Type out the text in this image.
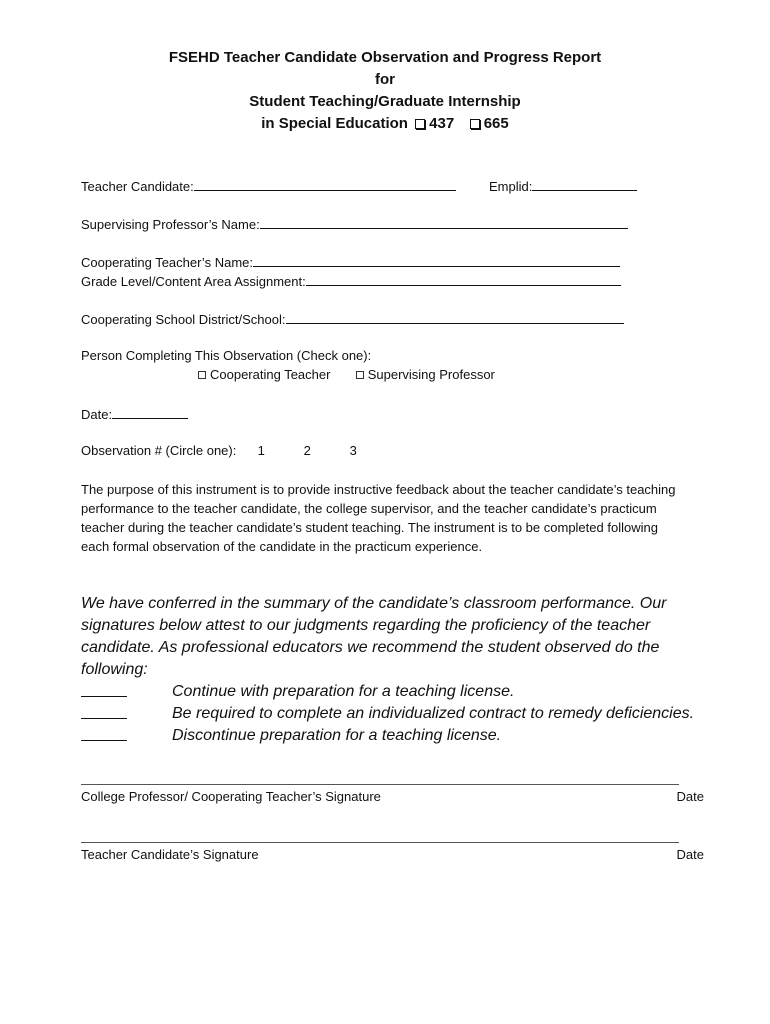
FSEHD Teacher Candidate Observation and Progress Report
for
Student Teaching/Graduate Internship
in Special Education 437 665
Teacher Candidate:	Emplid:
Supervising Professor’s Name:
Cooperating Teacher’s Name:
Grade Level/Content Area Assignment:
Cooperating School District/School:
Person Completing This Observation (Check one):
Cooperating Teacher	Supervising Professor
Date:
Observation # (Circle one): 1	2	3
The purpose of this instrument is to provide instructive feedback about the teacher candidate’s teaching performance to the teacher candidate, the college supervisor, and the teacher candidate’s practicum teacher during the teacher candidate’s student teaching. The instrument is to be completed following each formal observation of the candidate in the practicum experience.
We have conferred in the summary of the candidate’s classroom performance. Our signatures below attest to our judgments regarding the proficiency of the teacher candidate. As professional educators we recommend the student observed do the following:
Continue with preparation for a teaching license.
Be required to complete an individualized contract to remedy deficiencies.
Discontinue preparation for a teaching license.
College Professor/ Cooperating Teacher’s Signature	Date
Teacher Candidate’s Signature	Date
